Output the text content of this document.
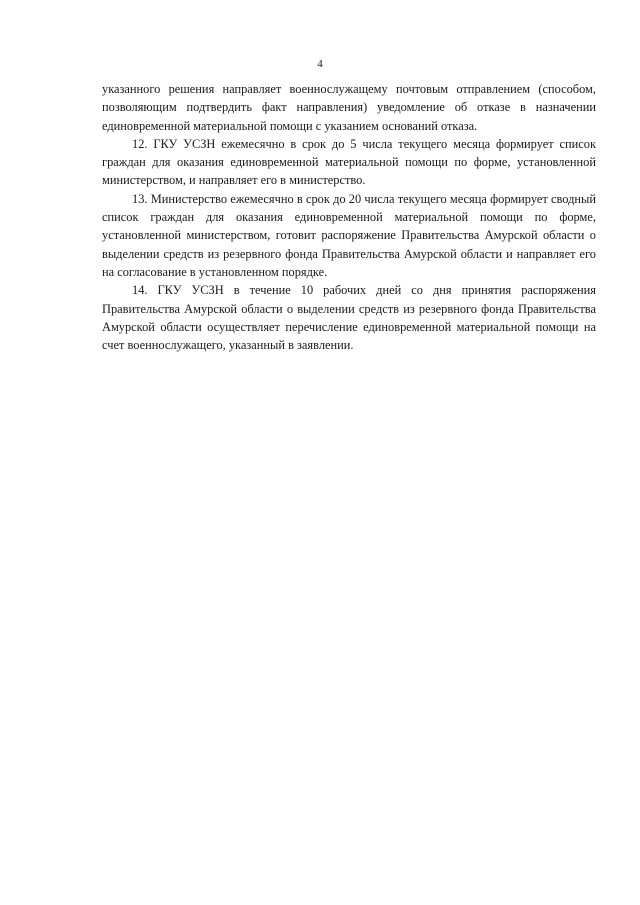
4

указанного решения направляет военнослужащему почтовым отправлением (способом, позволяющим подтвердить факт направления) уведомление об отказе в назначении единовременной материальной помощи с указанием оснований отказа.

12. ГКУ УСЗН ежемесячно в срок до 5 числа текущего месяца формирует список граждан для оказания единовременной материальной помощи по форме, установленной министерством, и направляет его в министерство.

13. Министерство ежемесячно в срок до 20 числа текущего месяца формирует сводный список граждан для оказания единовременной материальной помощи по форме, установленной министерством, готовит распоряжение Правительства Амурской области о выделении средств из резервного фонда Правительства Амурской области и направляет его на согласование в установленном порядке.

14. ГКУ УСЗН в течение 10 рабочих дней со дня принятия распоряжения Правительства Амурской области о выделении средств из резервного фонда Правительства Амурской области осуществляет перечисление единовременной материальной помощи на счет военнослужащего, указанный в заявлении.
